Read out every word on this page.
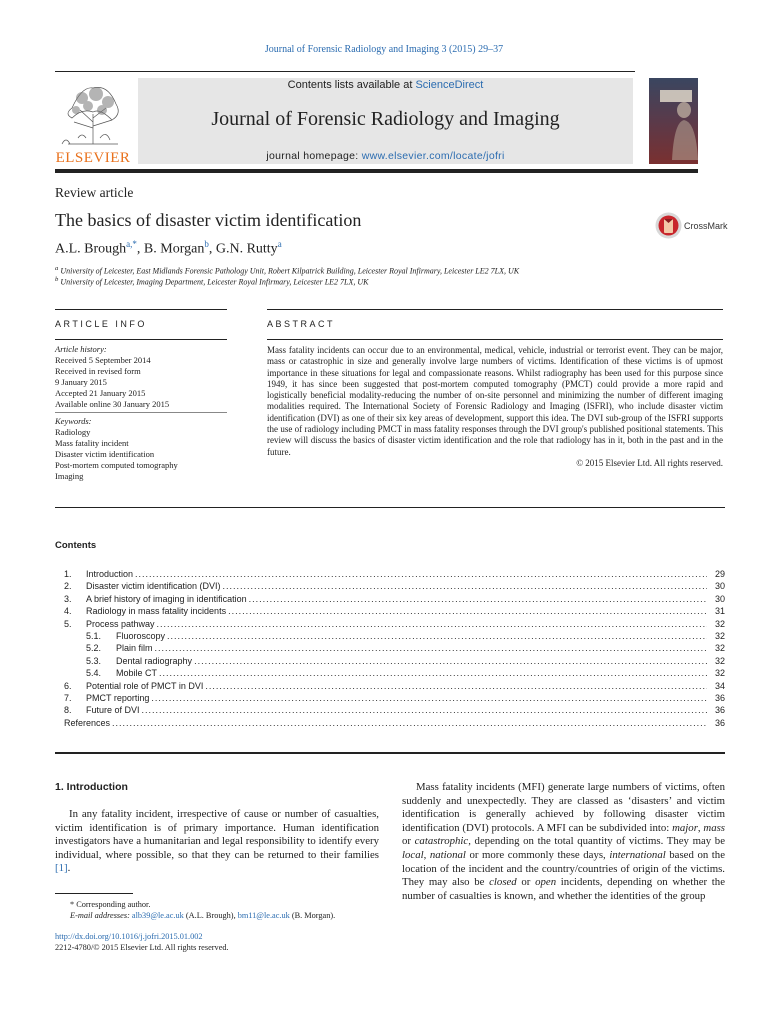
Journal of Forensic Radiology and Imaging 3 (2015) 29–37
ELSEVIER
Contents lists available at ScienceDirect
Journal of Forensic Radiology and Imaging
journal homepage: www.elsevier.com/locate/jofri
Review article
The basics of disaster victim identification	CrossMark
A.L. Brough$^{a,*}$, B. Morgan$^b$, G.N. Rutty$^a$
$^a$ University of Leicester, East Midlands Forensic Pathology Unit, Robert Kilpatrick Building, Leicester Royal Infirmary, Leicester LE2 7LX, UK
$^b$ University of Leicester, Imaging Department, Leicester Royal Infirmary, Leicester LE2 7LX, UK
ARTICLE INFO	ABSTRACT
Article history:
Received 5 September 2014
Received in revised form
9 January 2015
Accepted 21 January 2015
Available online 30 January 2015
Keywords:
Radiology
Mass fatality incident
Disaster victim identification
Post-mortem computed tomography
Imaging
Mass fatality incidents can occur due to an environmental, medical, vehicle, industrial or terrorist event. They can be major, mass or catastrophic in size and generally involve large numbers of victims. Identification of these victims is of upmost importance in these situations for legal and compassionate reasons. Whilst radiography has been used for this purpose since 1949, it has since been suggested that post-mortem computed tomography (PMCT) could provide a more rapid and logistically beneficial modality-reducing the number of on-site personnel and minimizing the number of different imaging modalities required. The International Society of Forensic Radiology and Imaging (ISFRI), who include disaster victim identification (DVI) as one of their six key areas of development, support this idea. The DVI sub-group of the ISFRI supports the use of radiology including PMCT in mass fatality responses through the DVI group's published positional statements. This review will discuss the basics of disaster victim identification and the role that radiology has in it, both in the past and in the future.
© 2015 Elsevier Ltd. All rights reserved.
Contents
1.	Introduction .....	29
2.	Disaster victim identification (DVI) .....	30
3.	A brief history of imaging in identification .....	30
4.	Radiology in mass fatality incidents .....	31
5.	Process pathway .....	32
5.1.	Fluoroscopy .....	32
5.2.	Plain film .....	32
5.3.	Dental radiography .....	32
5.4.	Mobile CT .....	32
6.	Potential role of PMCT in DVI .....	34
7.	PMCT reporting .....	36
8.	Future of DVI .....	36
References .....	36
1. Introduction

In any fatality incident, irrespective of cause or number of casualties, victim identification is of primary importance. Human identification investigators have a humanitarian and legal responsibility to identify every individual, where possible, so that they can be returned to their families [1].

Mass fatality incidents (MFI) generate large numbers of victims, often suddenly and unexpectedly. They are classed as ‘disasters’ and victim identification is generally achieved by following disaster victim identification (DVI) protocols. A MFI can be subdivided into: major, mass or catastrophic, depending on the total quantity of victims. They may be local, national or more commonly these days, international based on the location of the incident and the country/countries of origin of the victims. They may also be closed or open incidents, depending on whether the number of casualties is known, and whether the identities of the group

* Corresponding author.
E-mail addresses: alb39@le.ac.uk (A.L. Brough), bm11@le.ac.uk (B. Morgan).
http://dx.doi.org/10.1016/j.jofri.2015.01.002
2212-4780/© 2015 Elsevier Ltd. All rights reserved.
